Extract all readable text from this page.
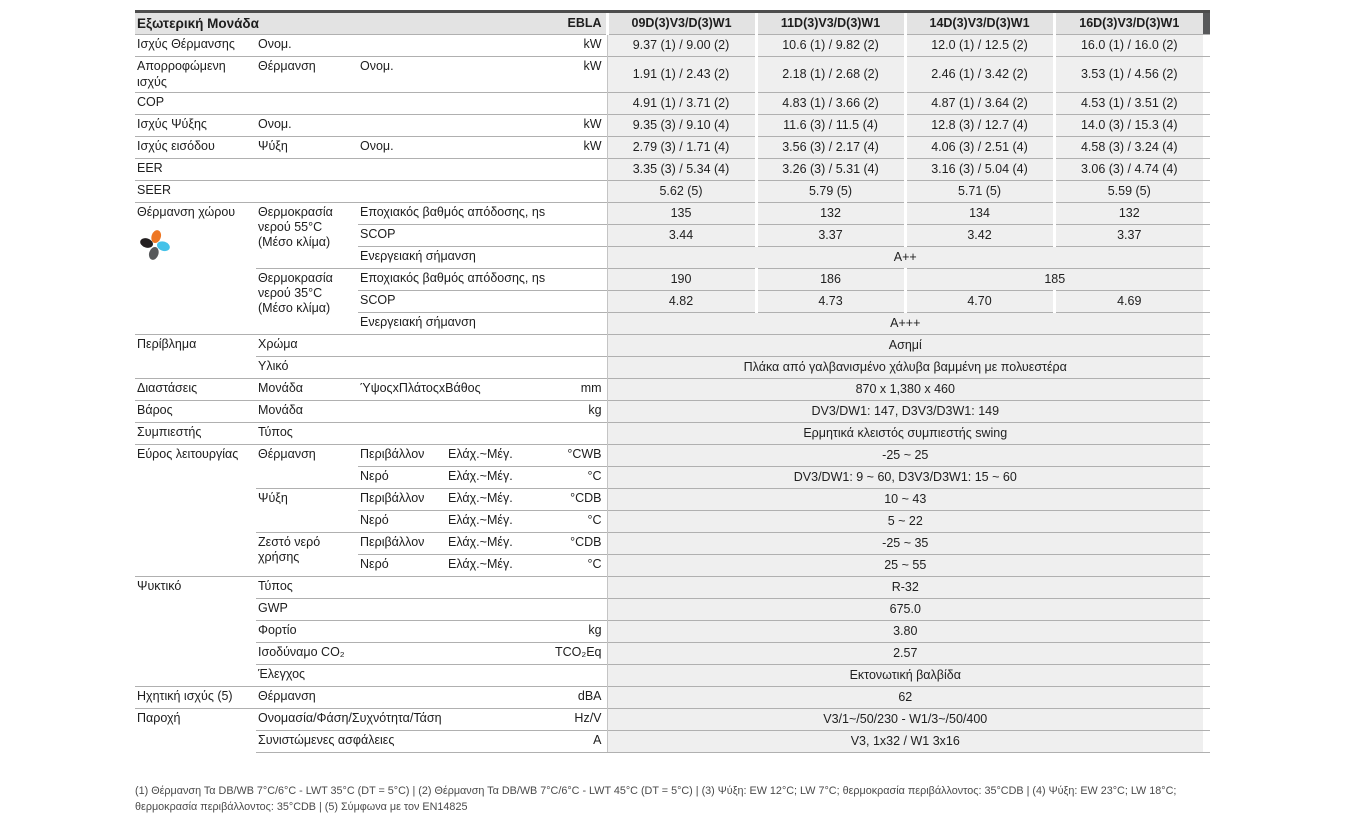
Εξωτερική Μονάδα				EBLA	09D(3)V3/D(3)W1	11D(3)V3/D(3)W1	14D(3)V3/D(3)W1	16D(3)V3/D(3)W1	
Ισχύς Θέρμανσης	Ονομ.			kW	9.37 (1) / 9.00 (2)	10.6 (1) / 9.82 (2)	12.0 (1) / 12.5 (2)	16.0 (1) / 16.0 (2)	
Απορροφώμενη ισχύς	Θέρμανση	Ονομ.		kW	1.91 (1) / 2.43 (2)	2.18 (1) / 2.68 (2)	2.46 (1) / 3.42 (2)	3.53 (1) / 4.56 (2)	
COP					4.91 (1) / 3.71 (2)	4.83 (1) / 3.66 (2)	4.87 (1) / 3.64 (2)	4.53 (1) / 3.51 (2)	
Ισχύς Ψύξης	Ονομ.			kW	9.35 (3) / 9.10 (4)	11.6 (3) / 11.5 (4)	12.8 (3) / 12.7 (4)	14.0 (3) / 15.3 (4)	
Ισχύς εισόδου	Ψύξη	Ονομ.		kW	2.79 (3) / 1.71 (4)	3.56 (3) / 2.17 (4)	4.06 (3) / 2.51 (4)	4.58 (3) / 3.24 (4)	
EER					3.35 (3) / 5.34 (4)	3.26 (3) / 5.31 (4)	3.16 (3) / 5.04 (4)	3.06 (3) / 4.74 (4)	
SEER					5.62 (5)	5.79 (5)	5.71 (5)	5.59 (5)	
Θέρμανση χώρου	Θερμοκρασία νερού 55°C (Μέσο κλίμα)	Εποχιακός βαθμός απόδοσης, ηs			135	132	134	132	
		SCOP			3.44	3.37	3.42	3.37	
		Ενεργειακή σήμανση			A++				
	Θερμοκρασία νερού 35°C (Μέσο κλίμα)	Εποχιακός βαθμός απόδοσης, ηs			190	186	185		
		SCOP			4.82	4.73	4.70	4.69	
		Ενεργειακή σήμανση			A+++				
Περίβλημα	Χρώμα				Ασημί				
	Υλικό				Πλάκα από γαλβανισμένο χάλυβα βαμμένη με πολυεστέρα				
Διαστάσεις	Μονάδα	ΎψοςxΠλάτοςxΒάθος		mm	870 x 1,380 x 460				
Βάρος	Μονάδα			kg	DV3/DW1: 147, D3V3/D3W1: 149				
Συμπιεστής	Τύπος				Ερμητικά κλειστός συμπιεστής swing				
Εύρος λειτουργίας	Θέρμανση	Περιβάλλον	Ελάχ.~Μέγ.	°CWB	-25 ~ 25				
		Νερό	Ελάχ.~Μέγ.	°C	DV3/DW1: 9 ~ 60, D3V3/D3W1: 15 ~ 60				
	Ψύξη	Περιβάλλον	Ελάχ.~Μέγ.	°CDB	10 ~ 43				
		Νερό	Ελάχ.~Μέγ.	°C	5 ~ 22				
	Ζεστό νερό χρήσης	Περιβάλλον	Ελάχ.~Μέγ.	°CDB	-25 ~ 35				
		Νερό	Ελάχ.~Μέγ.	°C	25 ~ 55				
Ψυκτικό	Τύπος				R-32				
	GWP				675.0				
	Φορτίο			kg	3.80				
	Ισοδύναμο CO₂			TCO₂Eq	2.57				
	Έλεγχος				Εκτονωτική βαλβίδα				
Ηχητική ισχύς (5)	Θέρμανση			dBA	62				
Παροχή	Ονομασία/Φάση/Συχνότητα/Τάση			Hz/V	V3/1~/50/230 - W1/3~/50/400				
	Συνιστώμενες ασφάλειες			A	V3, 1x32 / W1 3x16				
(1) Θέρμανση Τα DB/WB 7°C/6°C - LWT 35°C (DT = 5°C) | (2) Θέρμανση Τα DB/WB 7°C/6°C - LWT 45°C (DT = 5°C) | (3) Ψύξη: EW 12°C; LW 7°C; θερμοκρασία περιβάλλοντος: 35°CDB | (4) Ψύξη: EW 23°C; LW 18°C; θερμοκρασία περιβάλλοντος: 35°CDB | (5) Σύμφωνα με τον EN14825
